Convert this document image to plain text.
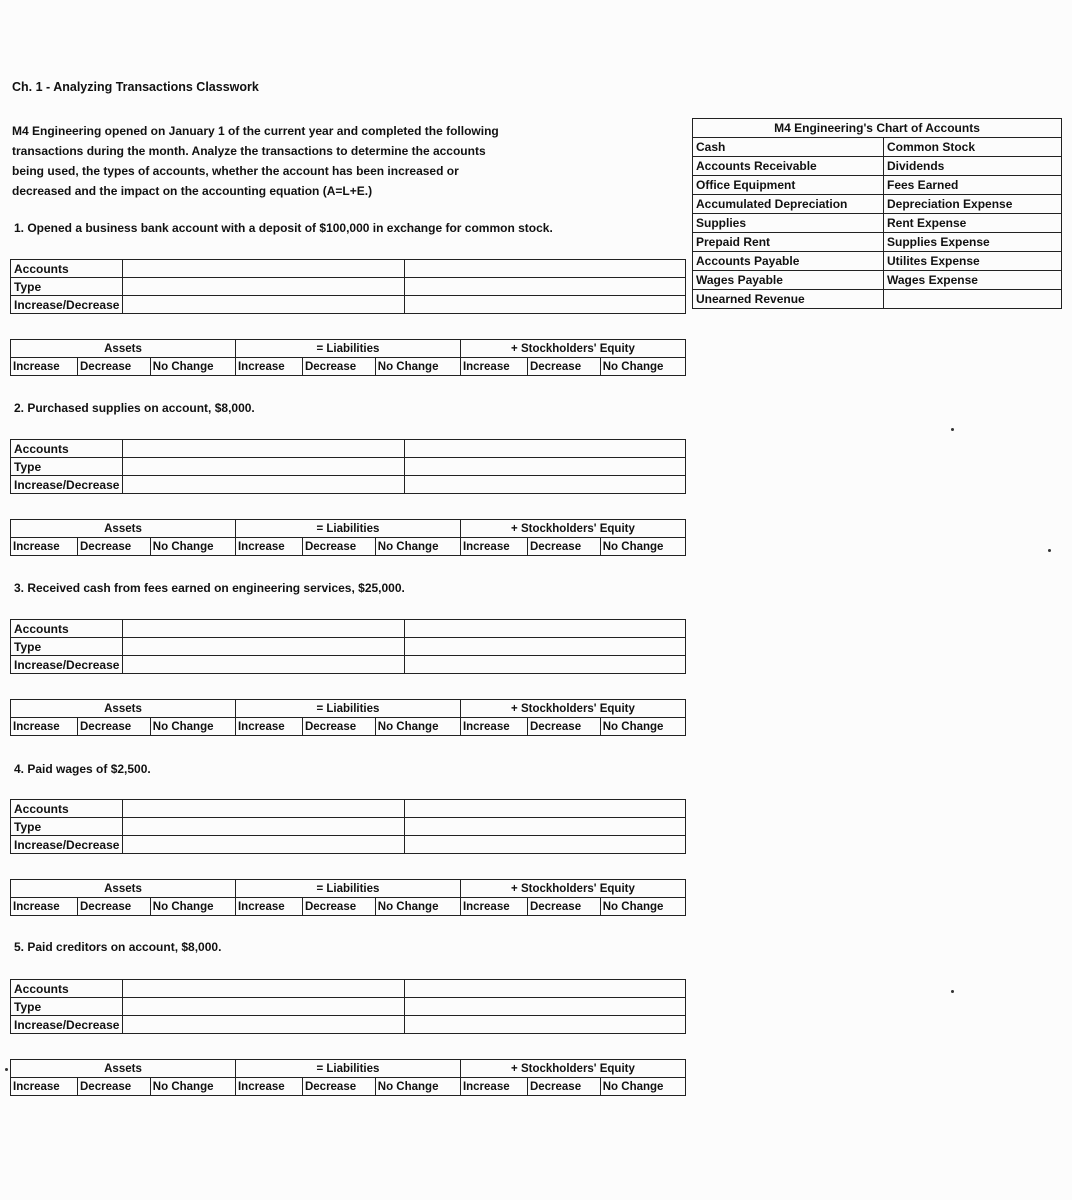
Ch. 1 - Analyzing Transactions Classwork
M4 Engineering opened on January 1 of the current year and completed the following
transactions during the month. Analyze the transactions to determine the accounts
being used, the types of accounts, whether the account has been increased or
decreased and the impact on the accounting equation (A=L+E.)
M4 Engineering's Chart of Accounts	
Cash	Common Stock
Accounts Receivable	Dividends
Office Equipment	Fees Earned
Accumulated Depreciation	Depreciation Expense
Supplies	Rent Expense
Prepaid Rent	Supplies Expense
Accounts Payable	Utilites Expense
Wages Payable	Wages Expense
Unearned Revenue	
1. Opened a business bank account with a deposit of $100,000 in exchange for common stock.
Accounts		
Type		
Increase/Decrease		
Assets			= Liabilities			+ Stockholders' Equity		
Increase	Decrease	No Change	Increase	Decrease	No Change	Increase	Decrease	No Change
2. Purchased supplies on account, $8,000.
Accounts		
Type		
Increase/Decrease		
Assets			= Liabilities			+ Stockholders' Equity		
Increase	Decrease	No Change	Increase	Decrease	No Change	Increase	Decrease	No Change
3. Received cash from fees earned on engineering services, $25,000.
Accounts		
Type		
Increase/Decrease		
Assets			= Liabilities			+ Stockholders' Equity		
Increase	Decrease	No Change	Increase	Decrease	No Change	Increase	Decrease	No Change
4. Paid wages of $2,500.
Accounts		
Type		
Increase/Decrease		
Assets			= Liabilities			+ Stockholders' Equity		
Increase	Decrease	No Change	Increase	Decrease	No Change	Increase	Decrease	No Change
5. Paid creditors on account, $8,000.
Accounts		
Type		
Increase/Decrease		
Assets			= Liabilities			+ Stockholders' Equity		
Increase	Decrease	No Change	Increase	Decrease	No Change	Increase	Decrease	No Change
